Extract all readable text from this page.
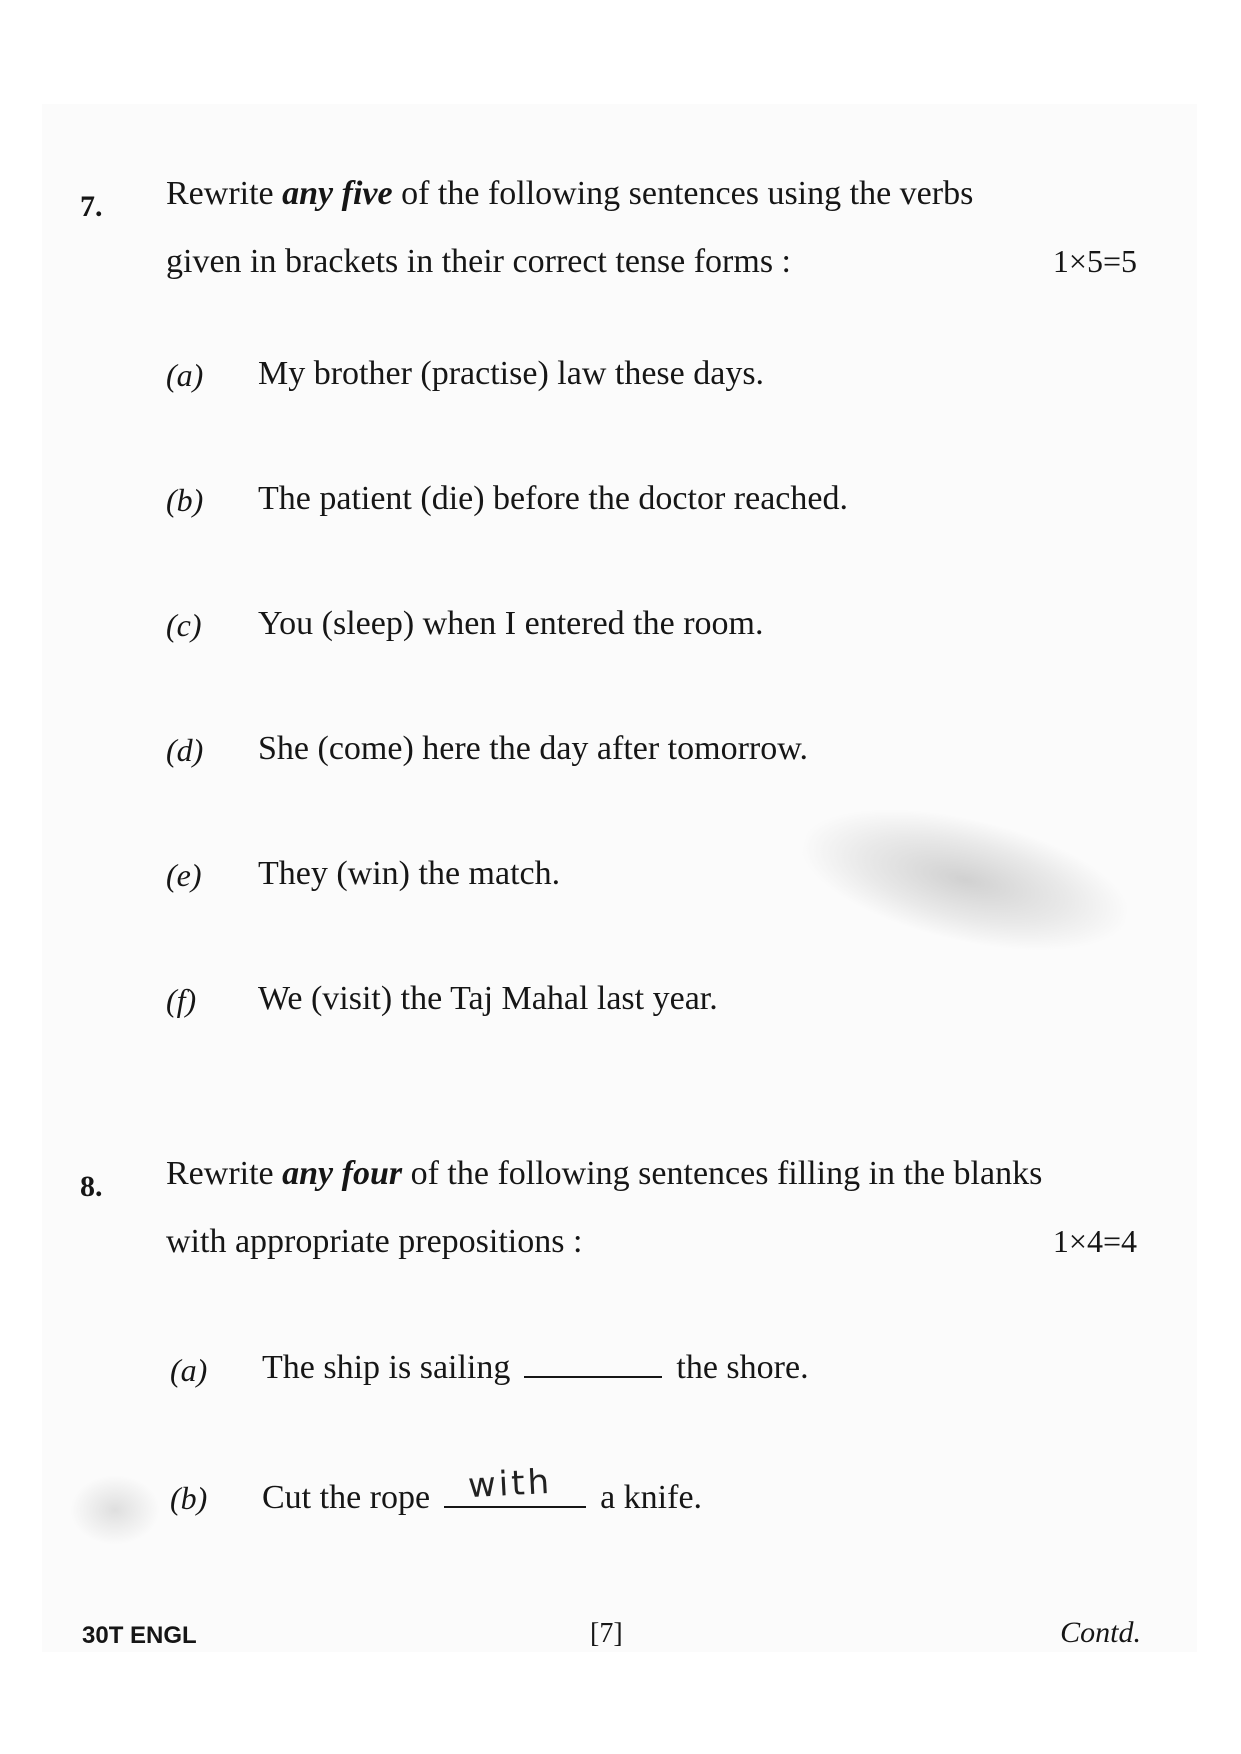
7. Rewrite any five of the following sentences using the verbs
given in brackets in their correct tense forms :	1×5=5
(a) My brother (practise) law these days.
(b) The patient (die) before the doctor reached.
(c) You (sleep) when I entered the room.
(d) She (come) here the day after tomorrow.
(e) They (win) the match.
(f) We (visit) the Taj Mahal last year.
8. Rewrite any four of the following sentences filling in the blanks
with appropriate prepositions :	1×4=4
(a) The ship is sailing	the shore.
(b) Cut the rope with a knife.
30T ENGL	[7]	Contd.
